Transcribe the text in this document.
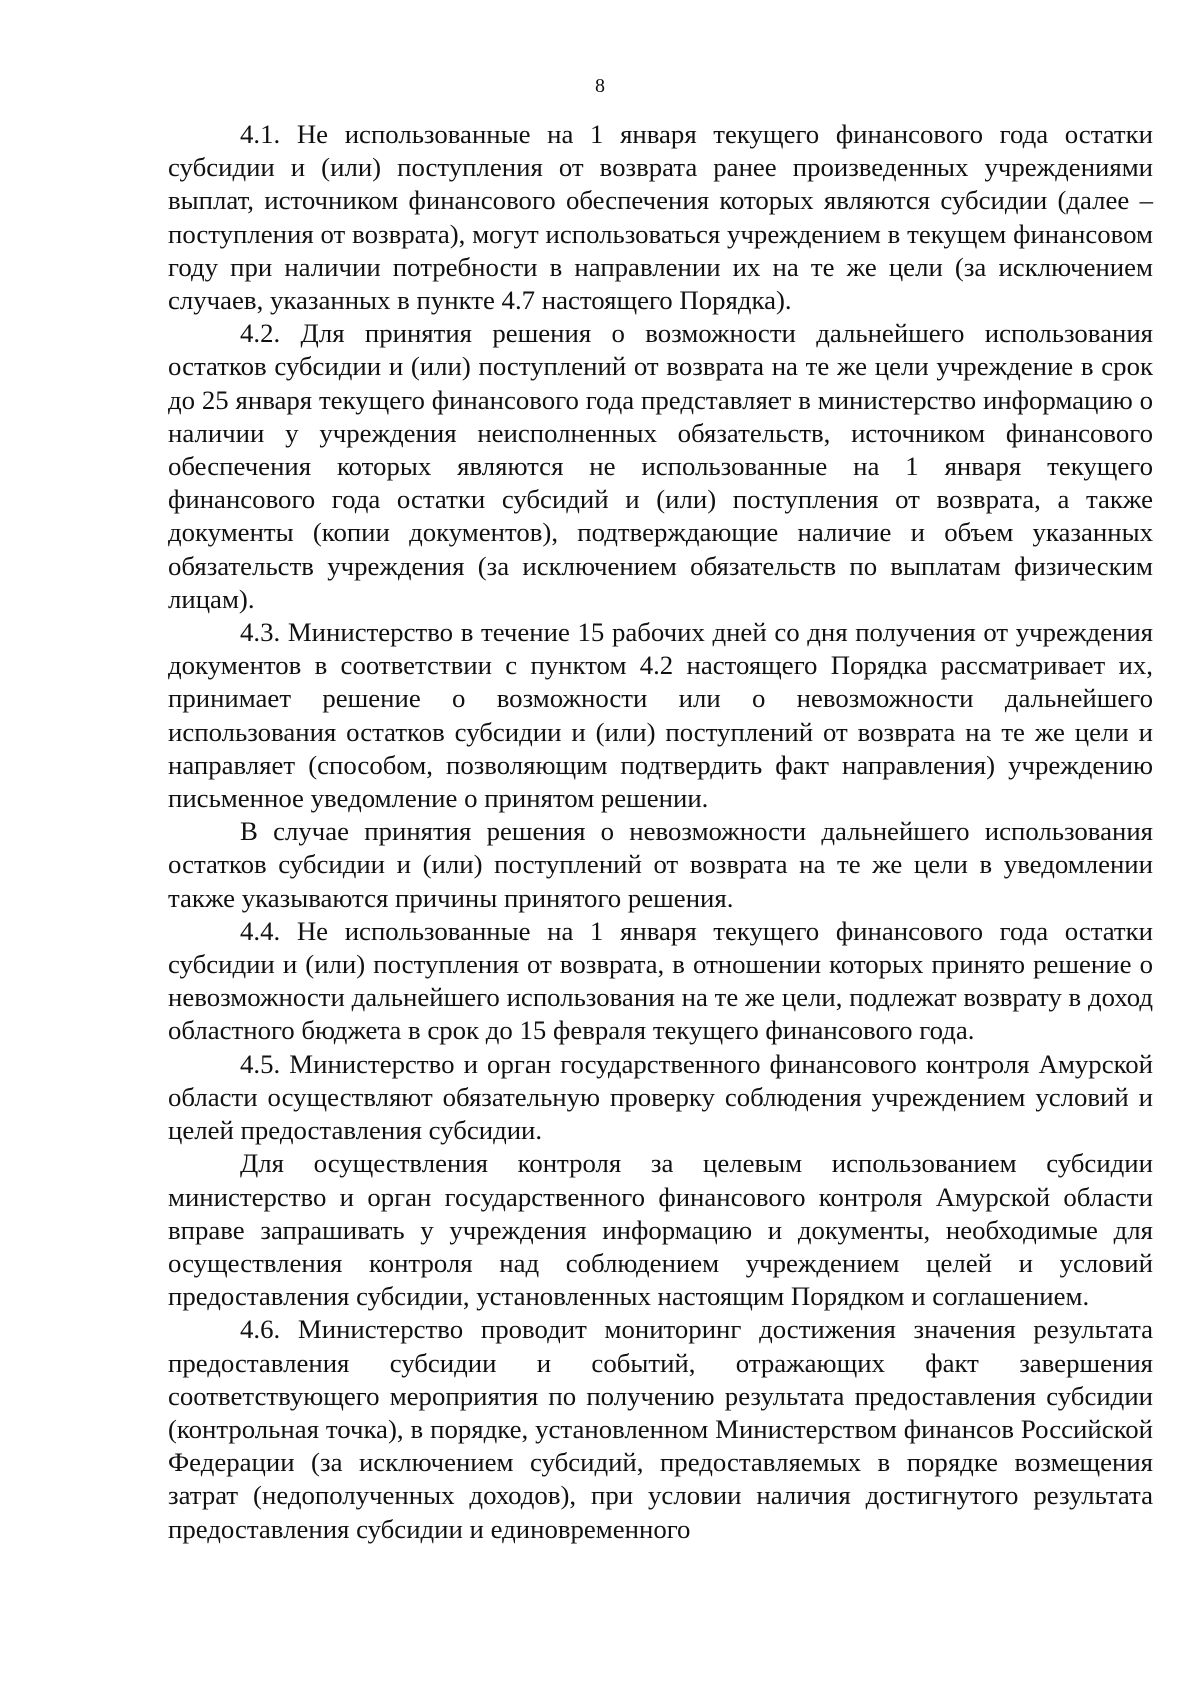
8

4.1. Не использованные на 1 января текущего финансового года остатки субсидии и (или) поступления от возврата ранее произведенных учреждениями выплат, источником финансового обеспечения которых являются субсидии (далее – поступления от возврата), могут использоваться учреждением в текущем финансовом году при наличии потребности в направлении их на те же цели (за исключением случаев, указанных в пункте 4.7 настоящего Порядка).

4.2. Для принятия решения о возможности дальнейшего использования остатков субсидии и (или) поступлений от возврата на те же цели учреждение в срок до 25 января текущего финансового года представляет в министерство информацию о наличии у учреждения неисполненных обязательств, источником финансового обеспечения которых являются не использованные на 1 января текущего финансового года остатки субсидий и (или) поступления от возврата, а также документы (копии документов), подтверждающие наличие и объем указанных обязательств учреждения (за исключением обязательств по выплатам физическим лицам).

4.3. Министерство в течение 15 рабочих дней со дня получения от учреждения документов в соответствии с пунктом 4.2 настоящего Порядка рассматривает их, принимает решение о возможности или о невозможности дальнейшего использования остатков субсидии и (или) поступлений от возврата на те же цели и направляет (способом, позволяющим подтвердить факт направления) учреждению письменное уведомление о принятом решении.

В случае принятия решения о невозможности дальнейшего использования остатков субсидии и (или) поступлений от возврата на те же цели в уведомлении также указываются причины принятого решения.

4.4. Не использованные на 1 января текущего финансового года остатки субсидии и (или) поступления от возврата, в отношении которых принято решение о невозможности дальнейшего использования на те же цели, подлежат возврату в доход областного бюджета в срок до 15 февраля текущего финансового года.

4.5. Министерство и орган государственного финансового контроля Амурской области осуществляют обязательную проверку соблюдения учреждением условий и целей предоставления субсидии.

Для осуществления контроля за целевым использованием субсидии министерство и орган государственного финансового контроля Амурской области вправе запрашивать у учреждения информацию и документы, необходимые для осуществления контроля над соблюдением учреждением целей и условий предоставления субсидии, установленных настоящим Порядком и соглашением.

4.6. Министерство проводит мониторинг достижения значения результата предоставления субсидии и событий, отражающих факт завершения соответствующего мероприятия по получению результата предоставления субсидии (контрольная точка), в порядке, установленном Министерством финансов Российской Федерации (за исключением субсидий, предоставляемых в порядке возмещения затрат (недополученных доходов), при условии наличия достигнутого результата предоставления субсидии и единовременного
